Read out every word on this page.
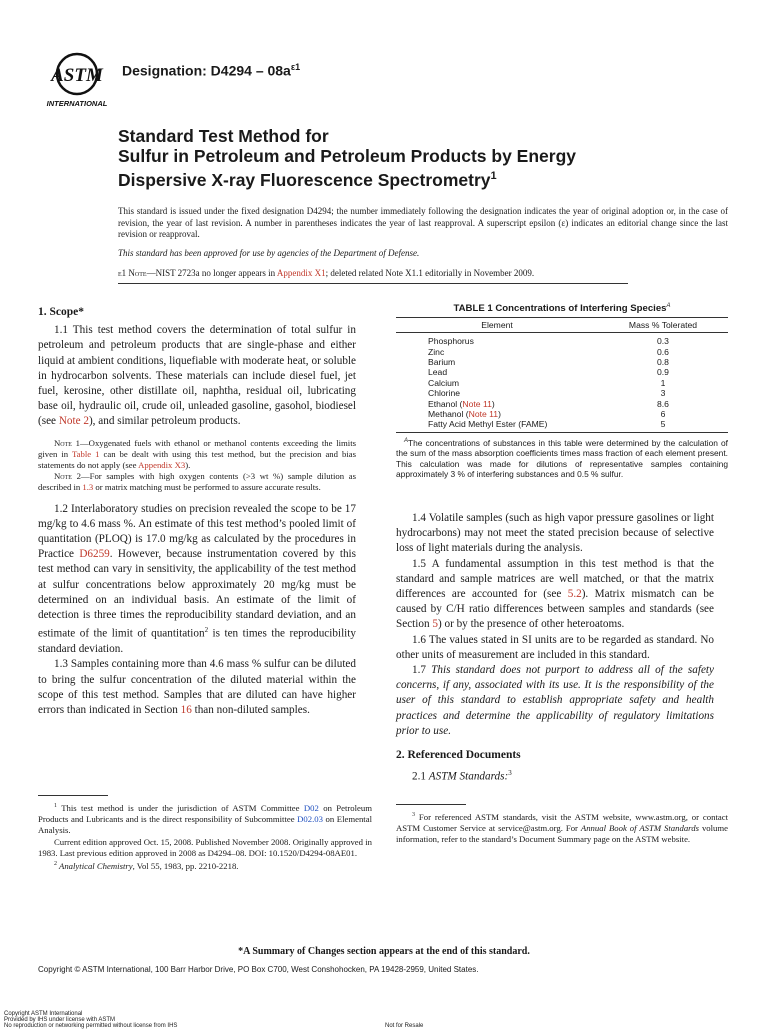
ASTM
INTERNATIONAL
Designation: $D4294 - 08a^{\varepsilon 1}$
Standard Test Method for
Sulfur in Petroleum and Petroleum Products by Energy
Dispersive X-ray Fluorescence Spectrometry$^1$
This standard is issued under the fixed designation D4294; the number immediately following the designation indicates the year of original adoption or, in the case of revision, the year of last revision. A number in parentheses indicates the year of last reapproval. A superscript epsilon (ε) indicates an editorial change since the last revision or reapproval.
This standard has been approved for use by agencies of the Department of Defense.
ε1 Note—NIST 2723a no longer appears in Appendix X1; deleted related Note X1.1 editorially in November 2009.
1. Scope*

1.1 This test method covers the determination of total sulfur in petroleum and petroleum products that are single-phase and either liquid at ambient conditions, liquefiable with moderate heat, or soluble in hydrocarbon solvents. These materials can include diesel fuel, jet fuel, kerosine, other distillate oil, naphtha, residual oil, lubricating base oil, hydraulic oil, crude oil, unleaded gasoline, gasohol, biodiesel (see Note 2), and similar petroleum products.

Note 1—Oxygenated fuels with ethanol or methanol contents exceeding the limits given in Table 1 can be dealt with using this test method, but the precision and bias statements do not apply (see Appendix X3).

Note 2—For samples with high oxygen contents (>3 wt %) sample dilution as described in 1.3 or matrix matching must be performed to assure accurate results.

1.2 Interlaboratory studies on precision revealed the scope to be 17 mg/kg to 4.6 mass %. An estimate of this test method’s pooled limit of quantitation (PLOQ) is 17.0 mg/kg as calculated by the procedures in Practice D6259. However, because instrumentation covered by this test method can vary in sensitivity, the applicability of the test method at sulfur concentrations below approximately 20 mg/kg must be determined on an individual basis. An estimate of the limit of detection is three times the reproducibility standard deviation, and an estimate of the limit of quantitation$^2$ is ten times the reproducibility standard deviation.

1.3 Samples containing more than 4.6 mass % sulfur can be diluted to bring the sulfur concentration of the diluted material within the scope of this test method. Samples that are diluted can have higher errors than indicated in Section 16 than non-diluted samples.

TABLE 1 Concentrations of Interfering Species$^A$
Element	Mass % Tolerated
Phosphorus	0.3
Zinc	0.6
Barium	0.8
Lead	0.9
Calcium	1
Chlorine	3
Ethanol (Note 11)	8.6
Methanol (Note 11)	6
Fatty Acid Methyl Ester (FAME)	5
$^A$The concentrations of substances in this table were determined by the calculation of the sum of the mass absorption coefficients times mass fraction of each element present. This calculation was made for dilutions of representative samples containing approximately 3 % of interfering substances and 0.5 % sulfur.

1.4 Volatile samples (such as high vapor pressure gasolines or light hydrocarbons) may not meet the stated precision because of selective loss of light materials during the analysis.

1.5 A fundamental assumption in this test method is that the standard and sample matrices are well matched, or that the matrix differences are accounted for (see 5.2). Matrix mismatch can be caused by C/H ratio differences between samples and standards (see Section 5) or by the presence of other heteroatoms.

1.6 The values stated in SI units are to be regarded as standard. No other units of measurement are included in this standard.

1.7 This standard does not purport to address all of the safety concerns, if any, associated with its use. It is the responsibility of the user of this standard to establish appropriate safety and health practices and determine the applicability of regulatory limitations prior to use.

2. Referenced Documents

2.1 ASTM Standards:$^3$

$^1$ This test method is under the jurisdiction of ASTM Committee D02 on Petroleum Products and Lubricants and is the direct responsibility of Subcommittee D02.03 on Elemental Analysis.

Current edition approved Oct. 15, 2008. Published November 2008. Originally approved in 1983. Last previous edition approved in 2008 as D4294–08. DOI: 10.1520/D4294-08AE01.

$^2$ Analytical Chemistry, Vol 55, 1983, pp. 2210-2218.

$^3$ For referenced ASTM standards, visit the ASTM website, www.astm.org, or contact ASTM Customer Service at service@astm.org. For Annual Book of ASTM Standards volume information, refer to the standard’s Document Summary page on the ASTM website.

*A Summary of Changes section appears at the end of this standard.
Copyright © ASTM International, 100 Barr Harbor Drive, PO Box C700, West Conshohocken, PA 19428-2959, United States.
Copyright ASTM International
Provided by IHS under license with ASTM
No reproduction or networking permitted without license from IHS	Not for Resale
